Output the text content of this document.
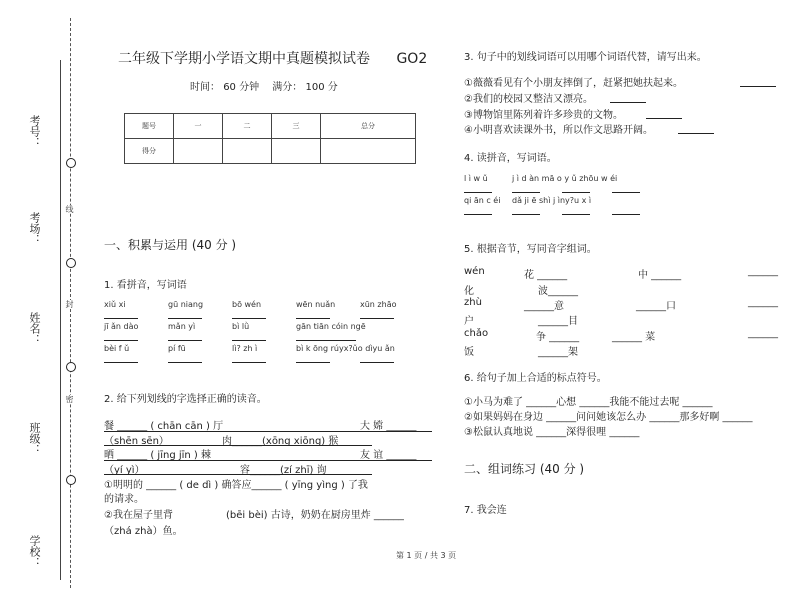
考号：
考场：
姓名：
班级：
学校：
线
封
密
二年级下学期小学语文期中真题模拟试卷 GO2
时间： 60 分钟 满分： 100 分
题号	一	二	三	总分
得分				
一、积累与运用 (40 分 )
1. 看拼音，写词语
xiǔ xi	gū niang	bō wén	wēn nuǎn	xūn zhāo
jī ǎn dào	mǎn yì	bì lǜ	gān tiān cóin ngē
bèi f ǔ	pí fū	lì? zh ì	bì k ōng rúyx?ǔo dìyu ǎn
2. 给下列划线的字选择正确的读音。
餐 ______ ( chān cān ) 厅	大 嫦 ______
（shēn sēn）	肉______(xōng xiōng) 猴
晒 ______ ( jīng jīn ) 棘	友 谊 ______
（yí yì）	容______(zí zhī) 询
①明明的 ______ ( de dì ) 确答应______ ( yīng yìng ) 了我
的请求。
②我在屋子里背	(bēi bèi) 古诗，奶奶在厨房里炸 ______
（zhá zhà）鱼。
3. 句子中的划线词语可以用哪个词语代替，请写出来。
①薇薇看见有个小朋友摔倒了，赶紧把她扶起来。
②我们的校园又整洁又漂亮。
③博物馆里陈列着许多珍贵的文物。
④小明喜欢读课外书，所以作文思路开阔。
4. 读拼音，写词语。
l ì w ǔ	j ì d àn mā o y ǔ zhōu w éi
qi ān c éi dǎ ji ē shì j ìny?u x ì
5. 根据音节，写同音字组词。
wén	花 ______	中 ______	______
化	波______
zhù	______意	______口	______
户	______目
chǎo	争 ______	______ 菜	______
饭	______架
6. 给句子加上合适的标点符号。
①小马为难了 ______心想 ______我能不能过去呢 ______
②如果妈妈在身边 ______问问她该怎么办 ______那多好啊 ______
③松鼠认真地说 ______深得很哩 ______
二、组词练习 (40 分 )
7. 我会连
第 1 页 / 共 3 页
